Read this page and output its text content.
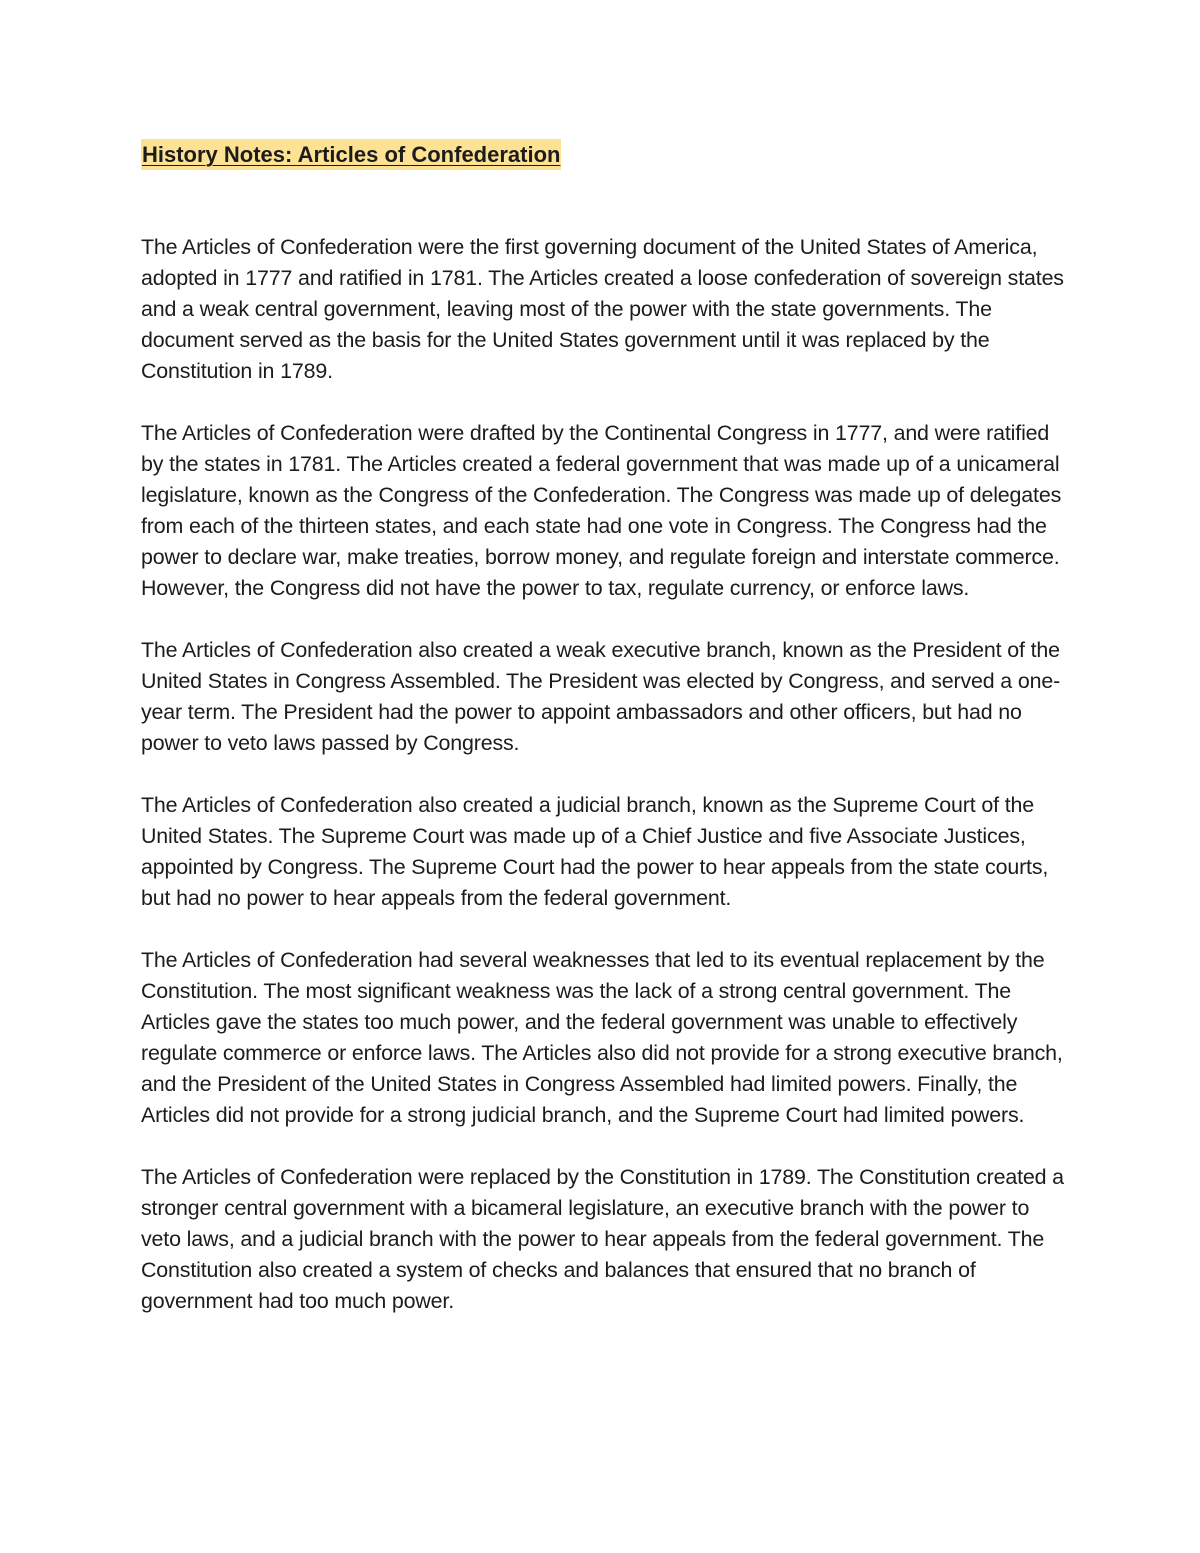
History Notes: Articles of Confederation

The Articles of Confederation were the first governing document of the United States of America, adopted in 1777 and ratified in 1781. The Articles created a loose confederation of sovereign states and a weak central government, leaving most of the power with the state governments. The document served as the basis for the United States government until it was replaced by the Constitution in 1789.

The Articles of Confederation were drafted by the Continental Congress in 1777, and were ratified by the states in 1781. The Articles created a federal government that was made up of a unicameral legislature, known as the Congress of the Confederation. The Congress was made up of delegates from each of the thirteen states, and each state had one vote in Congress. The Congress had the power to declare war, make treaties, borrow money, and regulate foreign and interstate commerce. However, the Congress did not have the power to tax, regulate currency, or enforce laws.

The Articles of Confederation also created a weak executive branch, known as the President of the United States in Congress Assembled. The President was elected by Congress, and served a one-year term. The President had the power to appoint ambassadors and other officers, but had no power to veto laws passed by Congress.

The Articles of Confederation also created a judicial branch, known as the Supreme Court of the United States. The Supreme Court was made up of a Chief Justice and five Associate Justices, appointed by Congress. The Supreme Court had the power to hear appeals from the state courts, but had no power to hear appeals from the federal government.

The Articles of Confederation had several weaknesses that led to its eventual replacement by the Constitution. The most significant weakness was the lack of a strong central government. The Articles gave the states too much power, and the federal government was unable to effectively regulate commerce or enforce laws. The Articles also did not provide for a strong executive branch, and the President of the United States in Congress Assembled had limited powers. Finally, the Articles did not provide for a strong judicial branch, and the Supreme Court had limited powers.

The Articles of Confederation were replaced by the Constitution in 1789. The Constitution created a stronger central government with a bicameral legislature, an executive branch with the power to veto laws, and a judicial branch with the power to hear appeals from the federal government. The Constitution also created a system of checks and balances that ensured that no branch of government had too much power.
